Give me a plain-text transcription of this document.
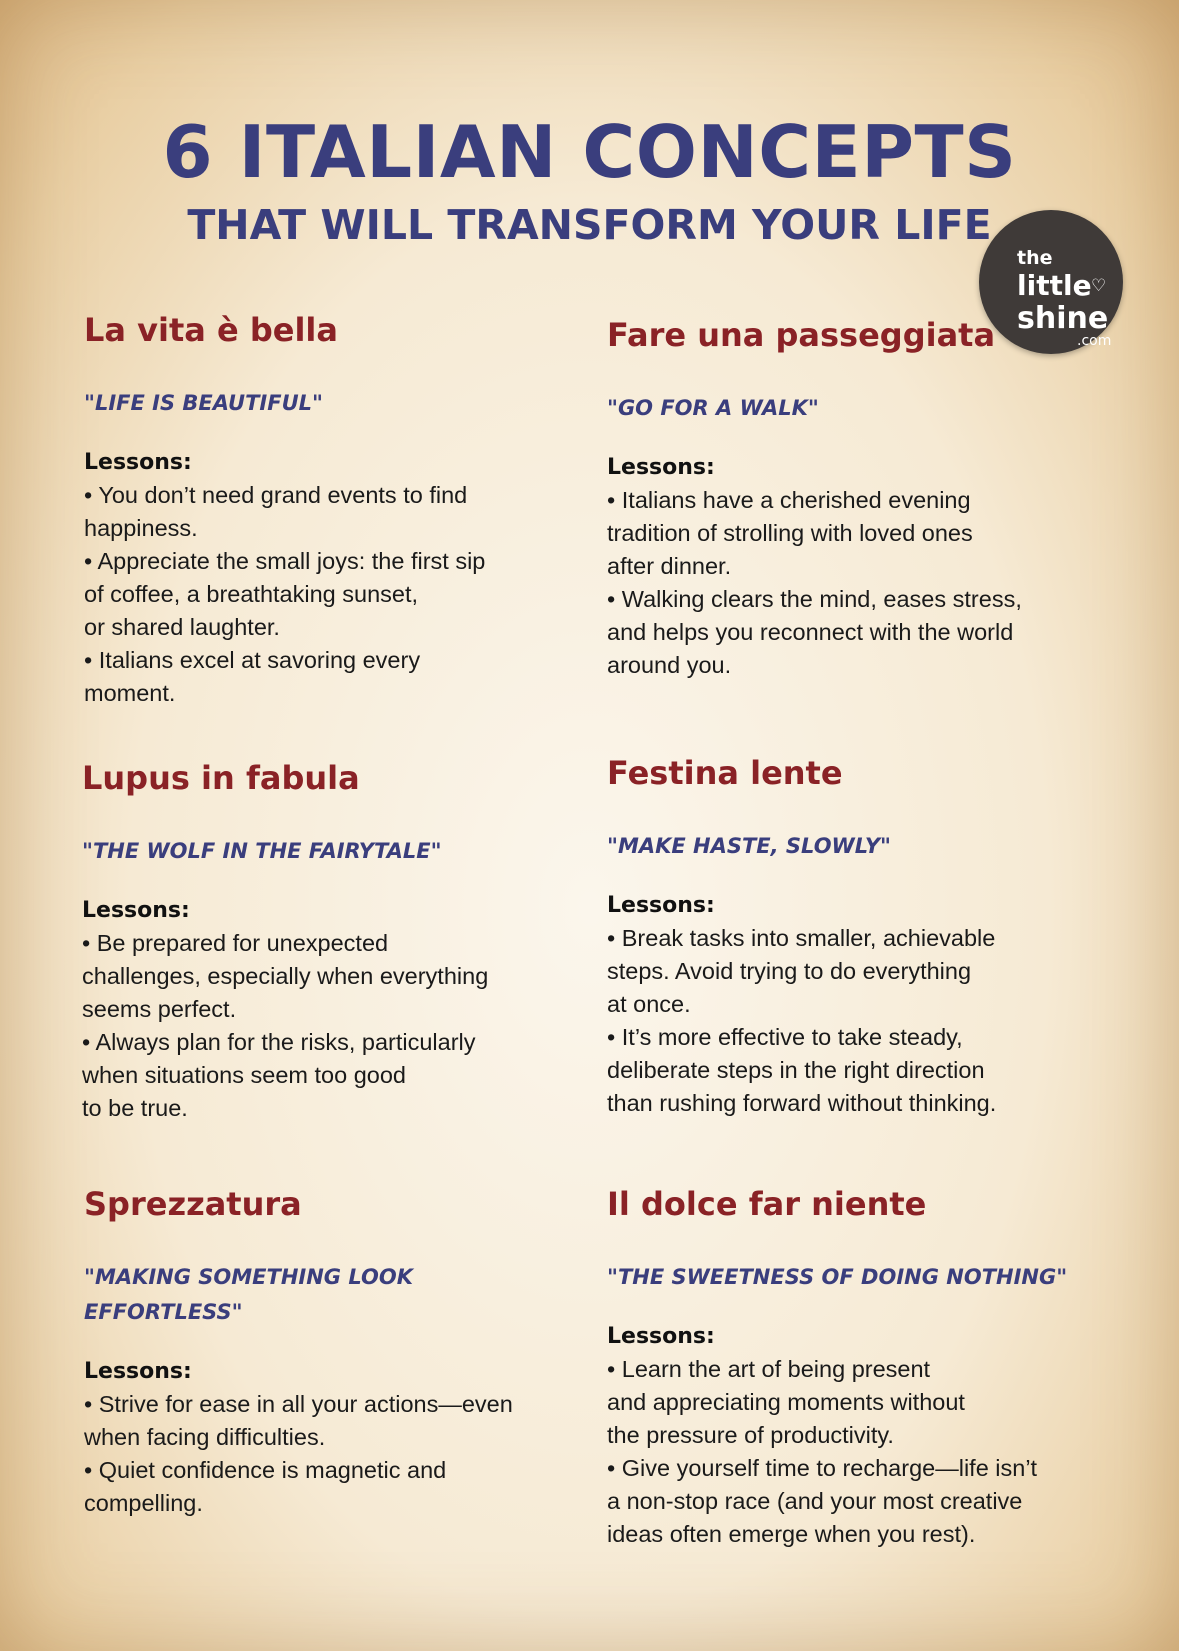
6 ITALIAN CONCEPTS
THAT WILL TRANSFORM YOUR LIFE
the
little ♡
shine
.com
La vita è bella
"LIFE IS BEAUTIFUL"
Lessons:
• You don’t need grand events to find
happiness.
• Appreciate the small joys: the first sip
of coffee, a breathtaking sunset,
or shared laughter.
• Italians excel at savoring every
moment.
Fare una passeggiata
"GO FOR A WALK"
Lessons:
• Italians have a cherished evening
tradition of strolling with loved ones
after dinner.
• Walking clears the mind, eases stress,
and helps you reconnect with the world
around you.
Lupus in fabula
"THE WOLF IN THE FAIRYTALE"
Lessons:
• Be prepared for unexpected
challenges, especially when everything
seems perfect.
• Always plan for the risks, particularly
when situations seem too good
to be true.
Festina lente
"MAKE HASTE, SLOWLY"
Lessons:
• Break tasks into smaller, achievable
steps. Avoid trying to do everything
at once.
• It’s more effective to take steady,
deliberate steps in the right direction
than rushing forward without thinking.
Sprezzatura
"MAKING SOMETHING LOOK
EFFORTLESS"
Lessons:
• Strive for ease in all your actions—even
when facing difficulties.
• Quiet confidence is magnetic and
compelling.
Il dolce far niente
"THE SWEETNESS OF DOING NOTHING"
Lessons:
• Learn the art of being present
and appreciating moments without
the pressure of productivity.
• Give yourself time to recharge—life isn’t
a non-stop race (and your most creative
ideas often emerge when you rest).
